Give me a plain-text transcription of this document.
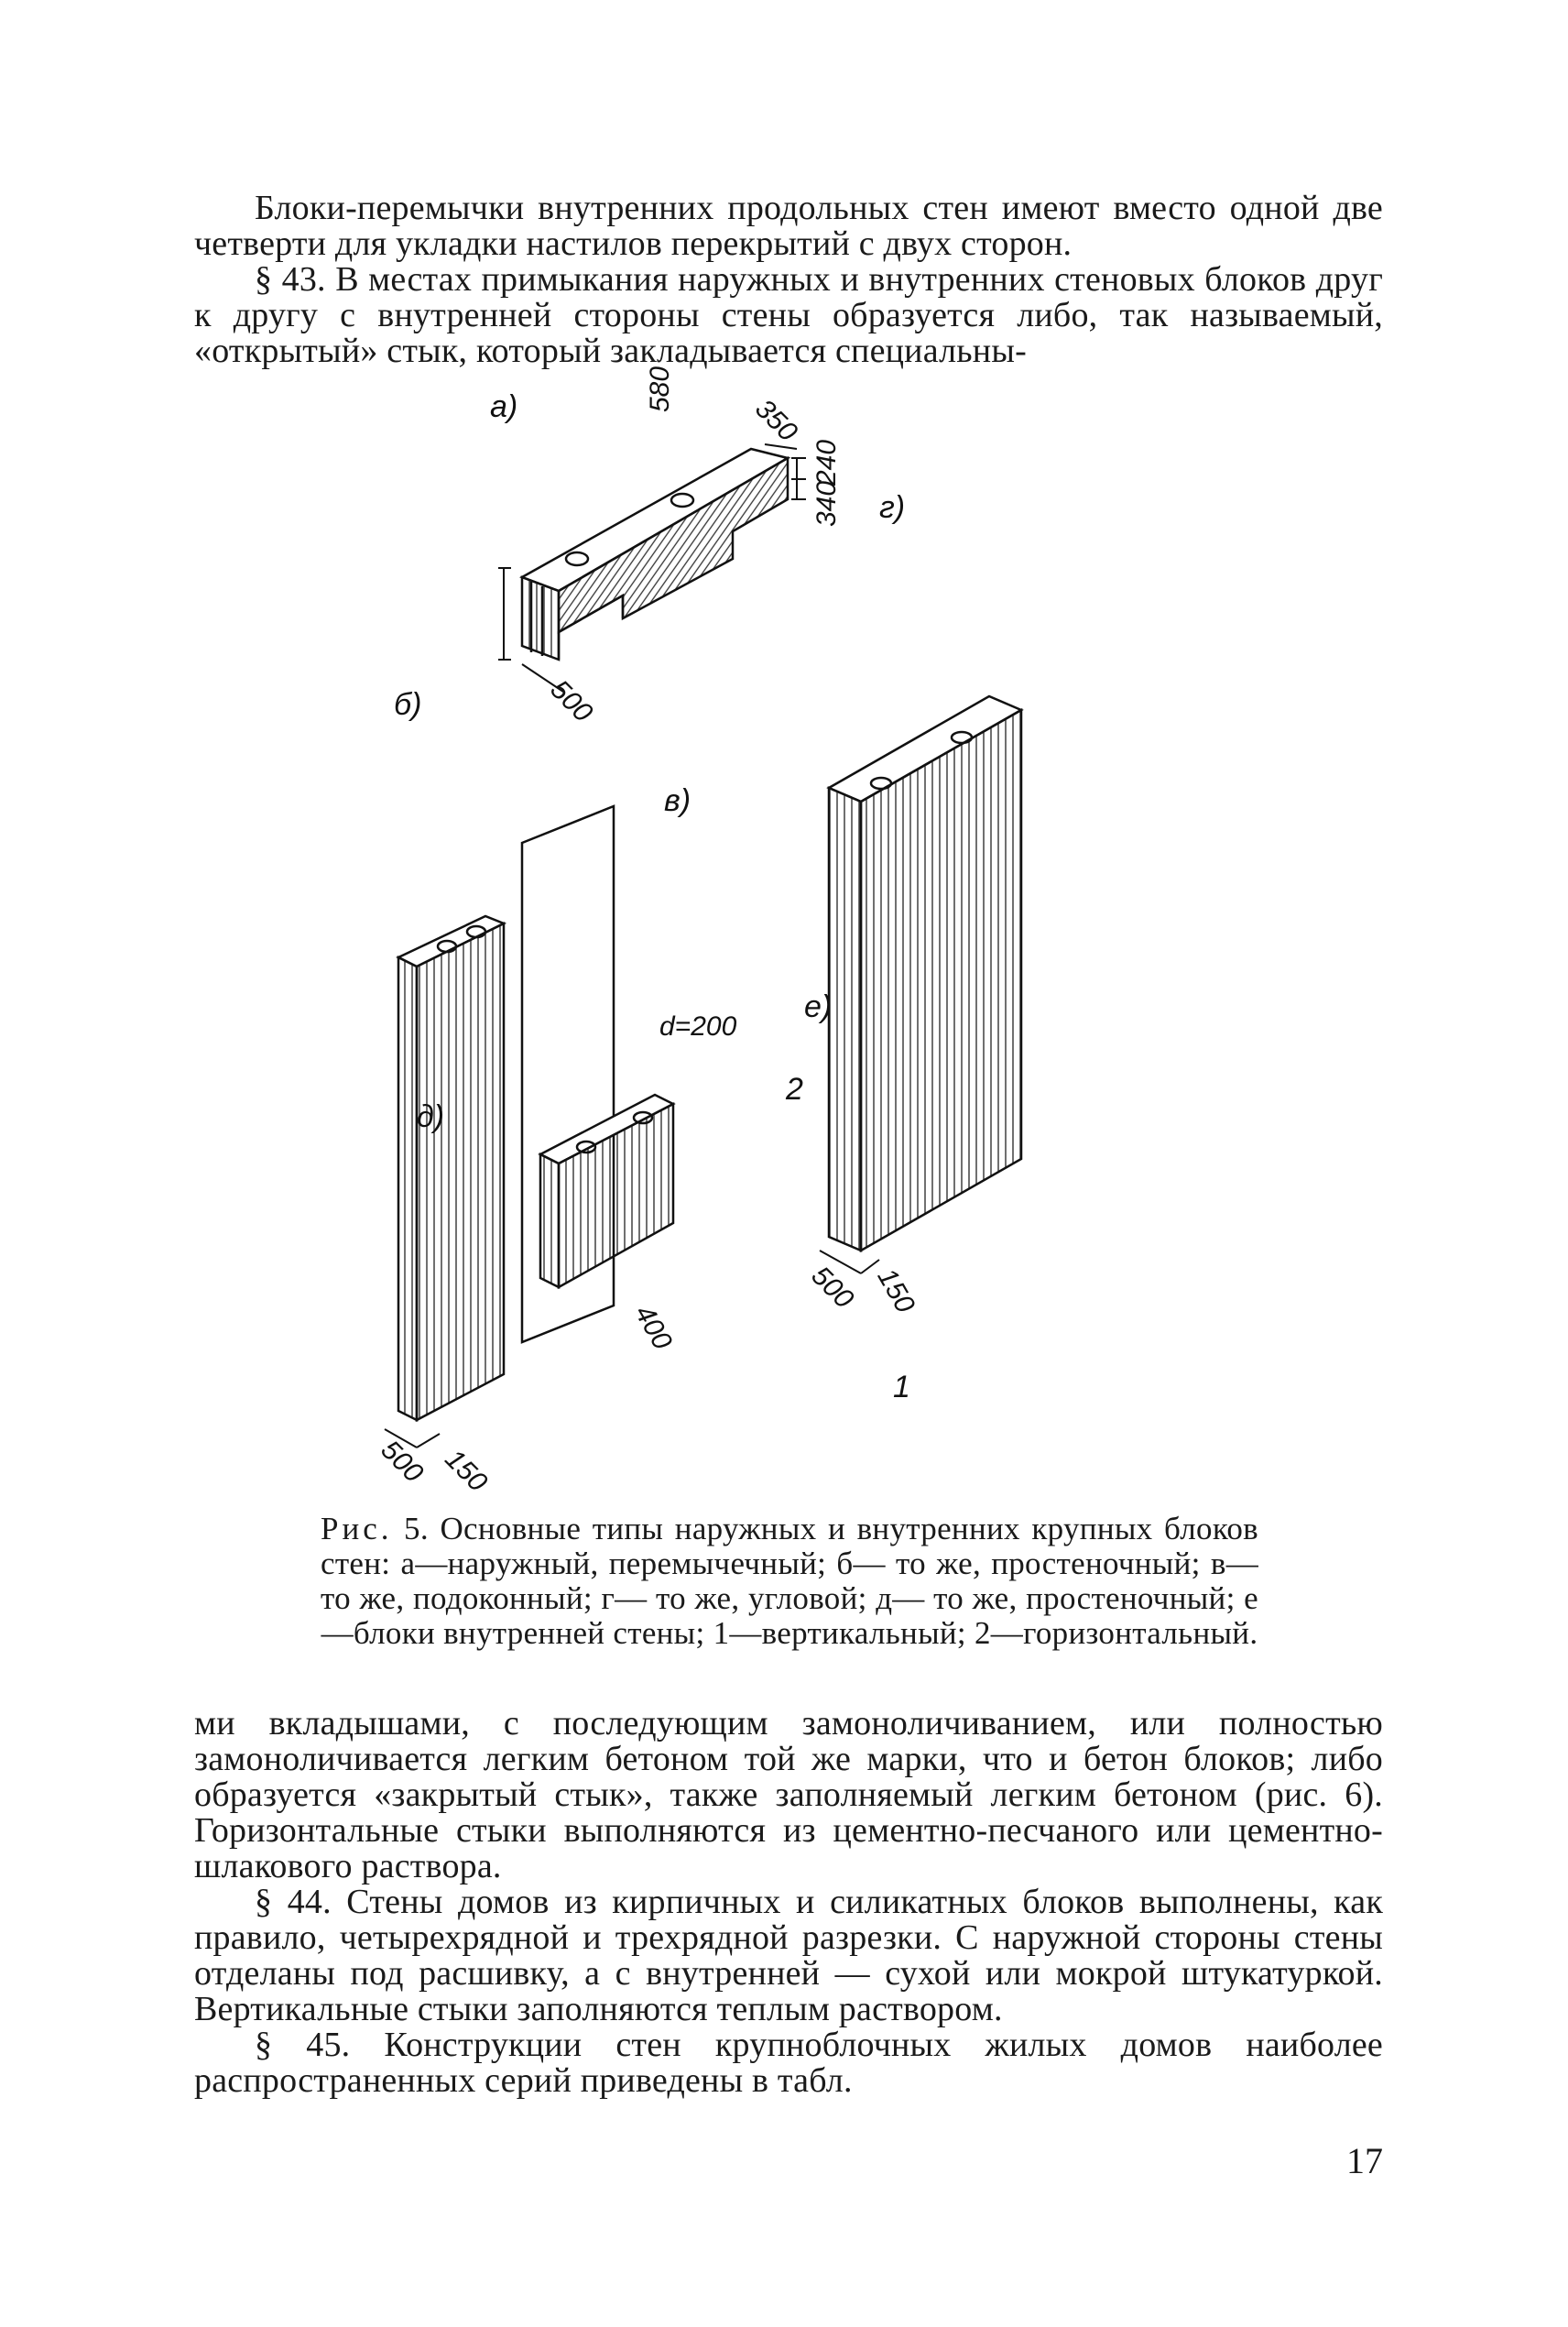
Блоки-перемычки внутренних продольных стен имеют вместо одной две четверти для укладки настилов перекрытий с двух сторон.

§ 43. В местах примыкания наружных и внутренних стеновых блоков друг к другу с внутренней стороны стены образуется либо, так называемый, «открытый» стык, который закладывается специальны-

а)
б)
в)
г)
д)
е)
2
1
580
500
350
240
340
500 150
400
500 150
d=200
Рис. 5. Основные типы наружных и внутренних крупных блоков стен: а—наружный, перемычечный; б— то же, простеночный; в—то же, подоконный; г— то же, угловой; д— то же, простеночный; е—блоки внутренней стены; 1—вертикальный; 2—горизонтальный.

ми вкладышами, с последующим замоноличиванием, или полностью замоноличивается легким бетоном той же марки, что и бетон блоков; либо образуется «закрытый стык», также заполняемый легким бетоном (рис. 6). Горизонтальные стыки выполняются из цементно-песчаного или цементно-шлакового раствора.

§ 44. Стены домов из кирпичных и силикатных блоков выполнены, как правило, четырехрядной и трехрядной разрезки. С наружной стороны стены отделаны под расшивку, а с внутренней — сухой или мокрой штукатуркой. Вертикальные стыки заполняются теплым раствором.

§ 45. Конструкции стен крупноблочных жилых домов наиболее распространенных серий приведены в табл.

17
